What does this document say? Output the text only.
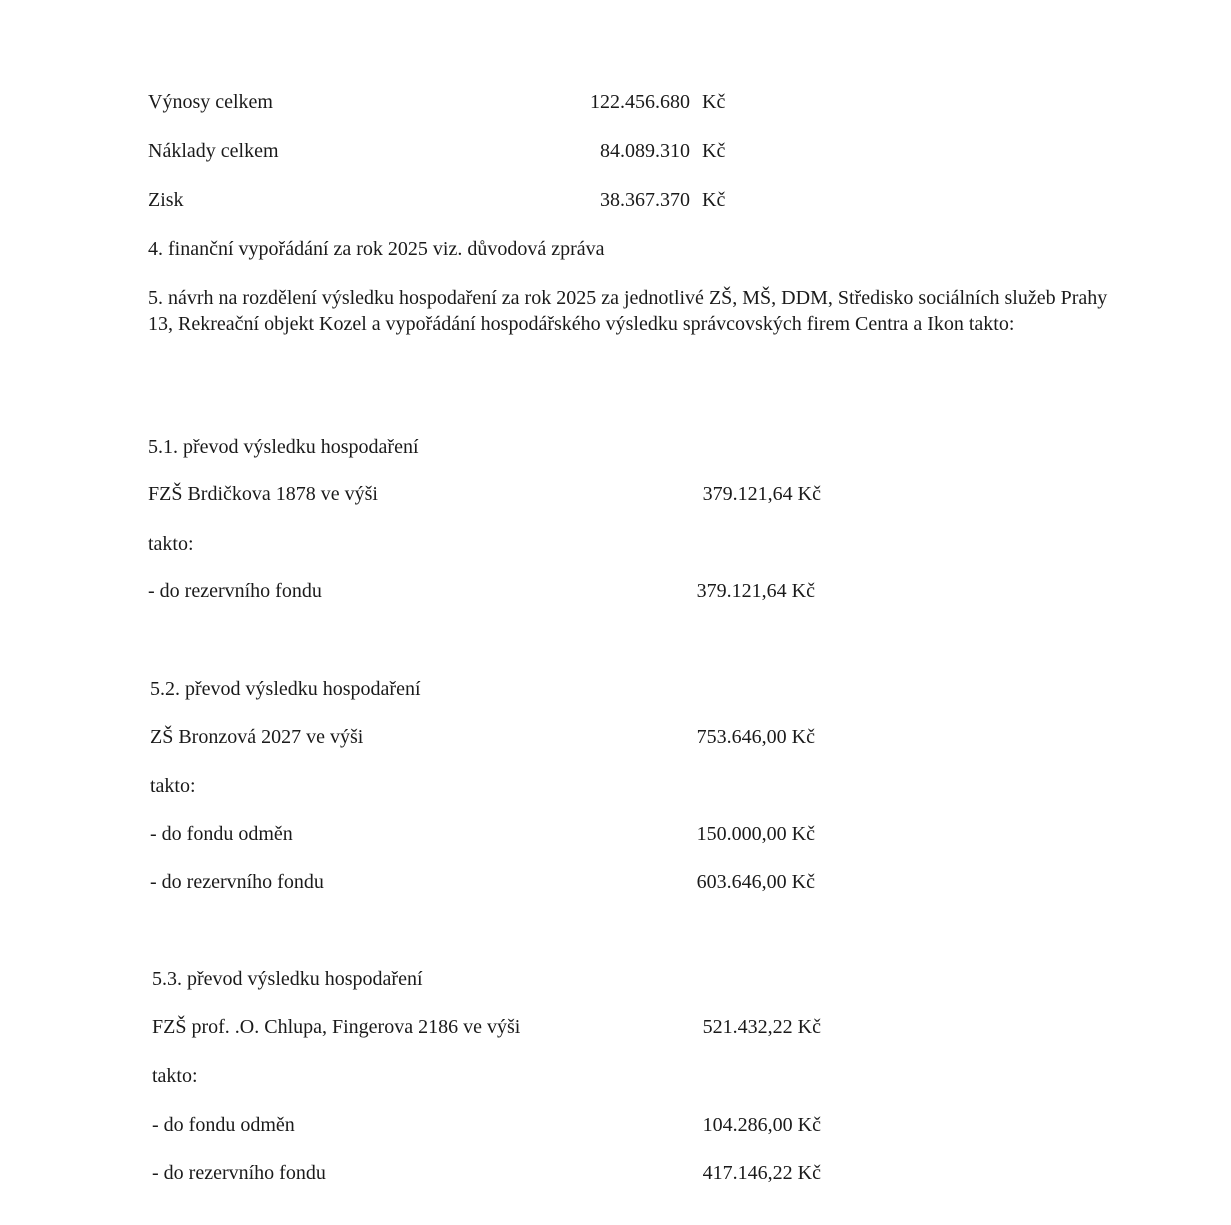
Výnosy celkem	122.456.680 Kč
Náklady celkem	84.089.310 Kč
Zisk	38.367.370 Kč
4. finanční vypořádání za rok 2025 viz. důvodová zpráva
5. návrh na rozdělení výsledku hospodaření za rok 2025 za jednotlivé ZŠ, MŠ, DDM, Středisko sociálních služeb Prahy 13, Rekreační objekt Kozel a vypořádání hospodářského výsledku správcovských firem Centra a Ikon takto:
5.1. převod výsledku hospodaření
FZŠ Brdičkova 1878 ve výši	379.121,64 Kč
takto:
- do rezervního fondu	379.121,64 Kč
5.2. převod výsledku hospodaření
ZŠ Bronzová 2027 ve výši	753.646,00 Kč
takto:
- do fondu odměn	150.000,00 Kč
- do rezervního fondu	603.646,00 Kč
5.3. převod výsledku hospodaření
FZŠ prof. .O. Chlupa, Fingerova 2186 ve výši	521.432,22 Kč
takto:
- do fondu odměn	104.286,00 Kč
- do rezervního fondu	417.146,22 Kč
